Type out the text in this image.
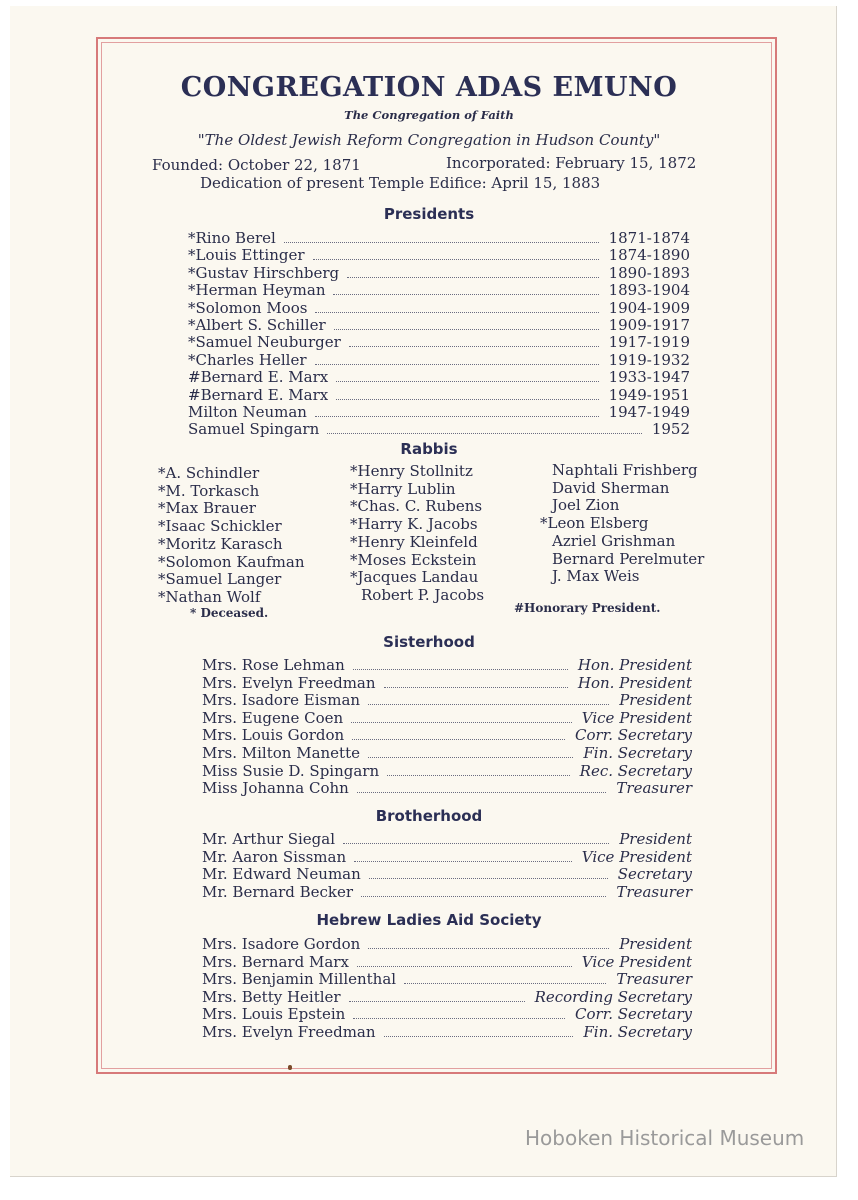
CONGREGATION ADAS EMUNO
The Congregation of Faith
"The Oldest Jewish Reform Congregation in Hudson County"
Founded: October 22, 1871	Incorporated: February 15, 1872
Dedication of present Temple Edifice: April 15, 1883
Presidents
*Rino Berel	1871-1874
*Louis Ettinger	1874-1890
*Gustav Hirschberg	1890-1893
*Herman Heyman	1893-1904
*Solomon Moos	1904-1909
*Albert S. Schiller	1909-1917
*Samuel Neuburger	1917-1919
*Charles Heller	1919-1932
#Bernard E. Marx	1933-1947
#Bernard E. Marx	1949-1951
Milton Neuman	1947-1949
Samuel Spingarn	1952
Rabbis
*A. Schindler
*M. Torkasch
*Max Brauer
*Isaac Schickler
*Moritz Karasch
*Solomon Kaufman
*Samuel Langer
*Nathan Wolf
*Henry Stollnitz
*Harry Lublin
*Chas. C. Rubens
*Harry K. Jacobs
*Henry Kleinfeld
*Moses Eckstein
*Jacques Landau
Robert P. Jacobs
Naphtali Frishberg
David Sherman
Joel Zion
*Leon Elsberg
Azriel Grishman
Bernard Perelmuter
J. Max Weis
* Deceased.	#Honorary President.
Sisterhood
Mrs. Rose Lehman	Hon. President
Mrs. Evelyn Freedman	Hon. President
Mrs. Isadore Eisman	President
Mrs. Eugene Coen	Vice President
Mrs. Louis Gordon	Corr. Secretary
Mrs. Milton Manette	Fin. Secretary
Miss Susie D. Spingarn	Rec. Secretary
Miss Johanna Cohn	Treasurer
Brotherhood
Mr. Arthur Siegal	President
Mr. Aaron Sissman	Vice President
Mr. Edward Neuman	Secretary
Mr. Bernard Becker	Treasurer
Hebrew Ladies Aid Society
Mrs. Isadore Gordon	President
Mrs. Bernard Marx	Vice President
Mrs. Benjamin Millenthal	Treasurer
Mrs. Betty Heitler	Recording Secretary
Mrs. Louis Epstein	Corr. Secretary
Mrs. Evelyn Freedman	Fin. Secretary
Hoboken Historical Museum
